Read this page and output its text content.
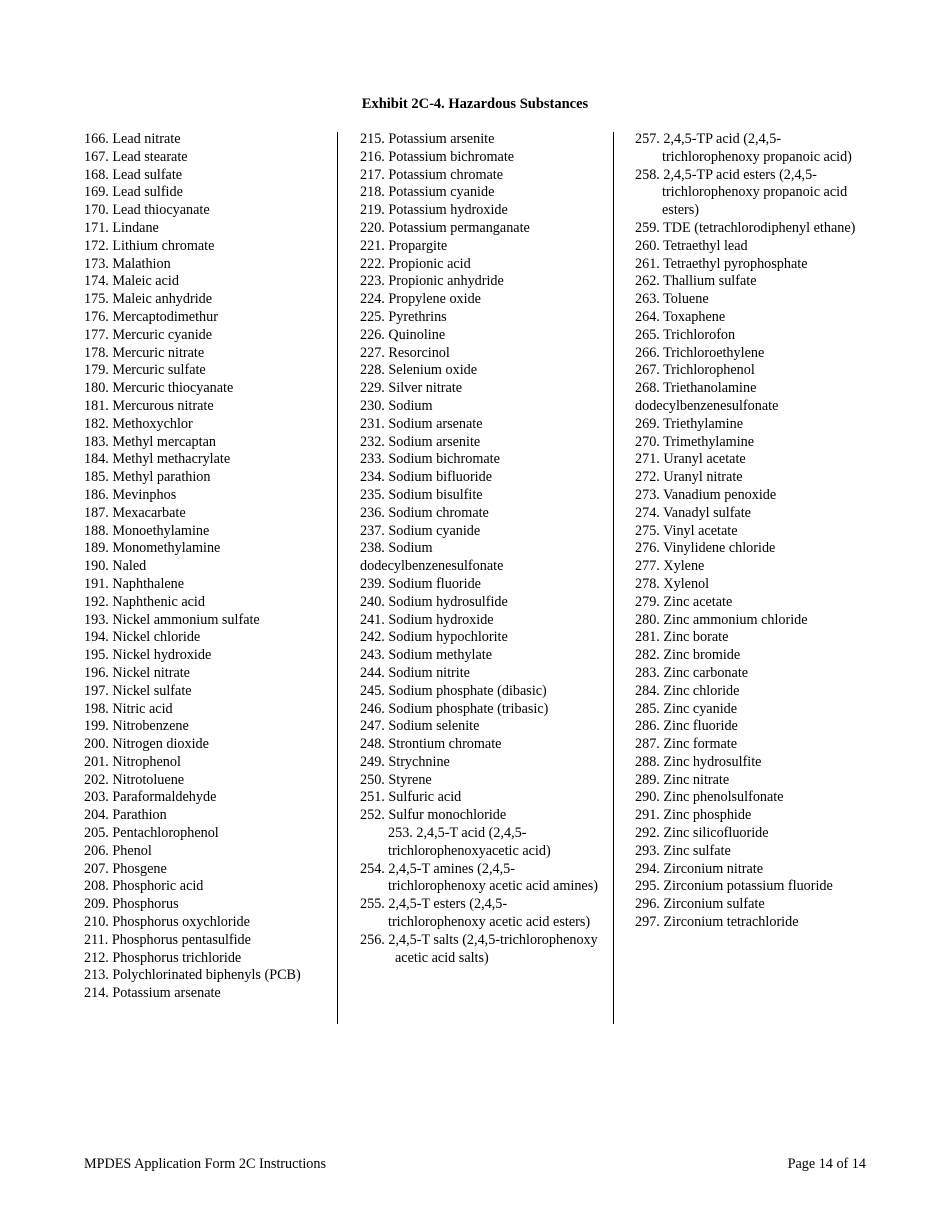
Exhibit 2C-4. Hazardous Substances
166. Lead nitrate
167. Lead stearate
168. Lead sulfate
169. Lead sulfide
170. Lead thiocyanate
171. Lindane
172. Lithium chromate
173. Malathion
174. Maleic acid
175. Maleic anhydride
176. Mercaptodimethur
177. Mercuric cyanide
178. Mercuric nitrate
179. Mercuric sulfate
180. Mercuric thiocyanate
181. Mercurous nitrate
182. Methoxychlor
183. Methyl mercaptan
184. Methyl methacrylate
185. Methyl parathion
186. Mevinphos
187. Mexacarbate
188. Monoethylamine
189. Monomethylamine
190. Naled
191. Naphthalene
192. Naphthenic acid
193. Nickel ammonium sulfate
194. Nickel chloride
195. Nickel hydroxide
196. Nickel nitrate
197. Nickel sulfate
198. Nitric acid
199. Nitrobenzene
200. Nitrogen dioxide
201. Nitrophenol
202. Nitrotoluene
203. Paraformaldehyde
204. Parathion
205. Pentachlorophenol
206. Phenol
207. Phosgene
208. Phosphoric acid
209. Phosphorus
210. Phosphorus oxychloride
211. Phosphorus pentasulfide
212. Phosphorus trichloride
213. Polychlorinated biphenyls (PCB)
214. Potassium arsenate
215. Potassium arsenite
216. Potassium bichromate
217. Potassium chromate
218. Potassium cyanide
219. Potassium hydroxide
220. Potassium permanganate
221. Propargite
222. Propionic acid
223. Propionic anhydride
224. Propylene oxide
225. Pyrethrins
226. Quinoline
227. Resorcinol
228. Selenium oxide
229. Silver nitrate
230. Sodium
231. Sodium arsenate
232. Sodium arsenite
233. Sodium bichromate
234. Sodium bifluoride
235. Sodium bisulfite
236. Sodium chromate
237. Sodium cyanide
238. Sodium
dodecylbenzenesulfonate
239. Sodium fluoride
240. Sodium hydrosulfide
241. Sodium hydroxide
242. Sodium hypochlorite
243. Sodium methylate
244. Sodium nitrite
245. Sodium phosphate (dibasic)
246. Sodium phosphate (tribasic)
247. Sodium selenite
248. Strontium chromate
249. Strychnine
250. Styrene
251. Sulfuric acid
252. Sulfur monochloride
253. 2,4,5-T acid (2,4,5-trichlorophenoxyacetic acid)
254. 2,4,5-T amines (2,4,5-trichlorophenoxy acetic acid amines)
255. 2,4,5-T esters (2,4,5-trichlorophenoxy acetic acid esters)
256. 2,4,5-T salts (2,4,5-trichlorophenoxy acetic acid salts)
257. 2,4,5-TP acid (2,4,5-trichlorophenoxy propanoic acid)
258. 2,4,5-TP acid esters (2,4,5-trichlorophenoxy propanoic acid esters)
259. TDE (tetrachlorodiphenyl ethane)
260. Tetraethyl lead
261. Tetraethyl pyrophosphate
262. Thallium sulfate
263. Toluene
264. Toxaphene
265. Trichlorofon
266. Trichloroethylene
267. Trichlorophenol
268. Triethanolamine
dodecylbenzenesulfonate
269. Triethylamine
270. Trimethylamine
271. Uranyl acetate
272. Uranyl nitrate
273. Vanadium penoxide
274. Vanadyl sulfate
275. Vinyl acetate
276. Vinylidene chloride
277. Xylene
278. Xylenol
279. Zinc acetate
280. Zinc ammonium chloride
281. Zinc borate
282. Zinc bromide
283. Zinc carbonate
284. Zinc chloride
285. Zinc cyanide
286. Zinc fluoride
287. Zinc formate
288. Zinc hydrosulfite
289. Zinc nitrate
290. Zinc phenolsulfonate
291. Zinc phosphide
292. Zinc silicofluoride
293. Zinc sulfate
294. Zirconium nitrate
295. Zirconium potassium fluoride
296. Zirconium sulfate
297. Zirconium tetrachloride
MPDES Application Form 2C Instructions	Page 14 of 14
